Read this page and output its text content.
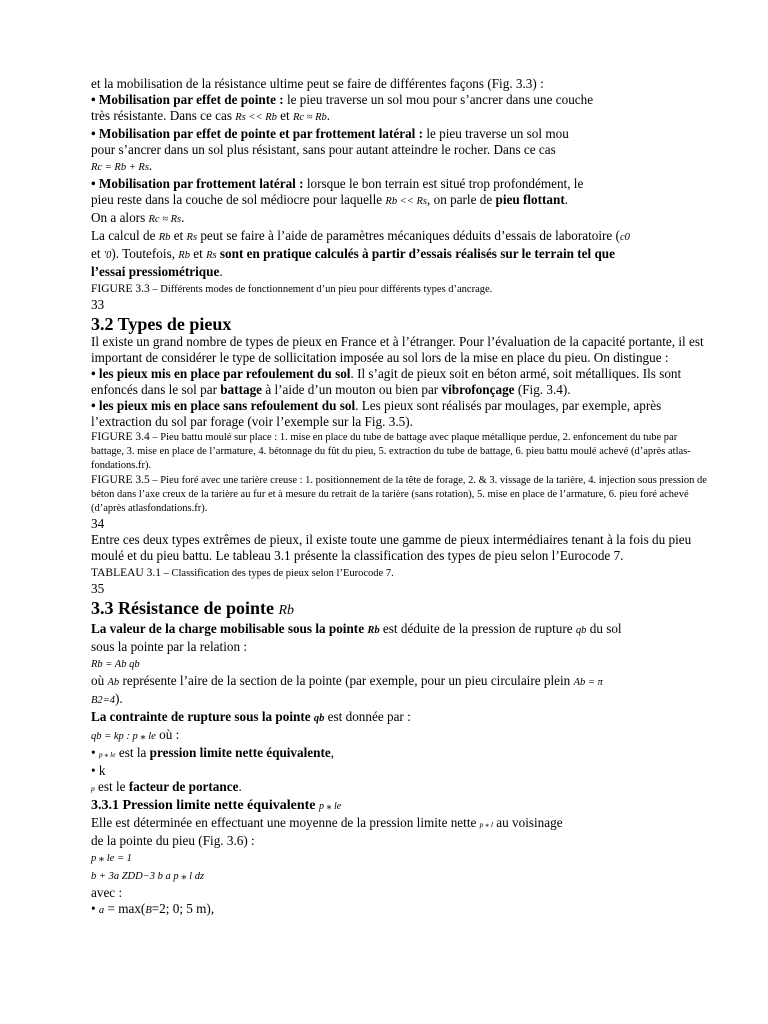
et la mobilisation de la résistance ultime peut se faire de différentes façons (Fig. 3.3) :

• Mobilisation par effet de pointe : le pieu traverse un sol mou pour s’ancrer dans une couche
très résistante. Dans ce cas Rs << Rb et Rc ≈ Rb.

• Mobilisation par effet de pointe et par frottement latéral : le pieu traverse un sol mou
pour s’ancrer dans un sol plus résistant, sans pour autant atteindre le rocher. Dans ce cas
Rc = Rb + Rs.

• Mobilisation par frottement latéral : lorsque le bon terrain est situé trop profondément, le
pieu reste dans la couche de sol médiocre pour laquelle Rb << Rs, on parle de pieu flottant.
On a alors Rc ≈ Rs.

La calcul de Rb et Rs peut se faire à l’aide de paramètres mécaniques déduits d’essais de laboratoire (c0
et '0). Toutefois, Rb et Rs sont en pratique calculés à partir d’essais réalisés sur le terrain tel que
l’essai pressiométrique.

FIGURE 3.3 – Différents modes de fonctionnement d’un pieu pour différents types d’ancrage.

33

3.2 Types de pieux

Il existe un grand nombre de types de pieux en France et à l’étranger. Pour l’évaluation de la capacité portante, il est important de considérer le type de sollicitation imposée au sol lors de la mise en place du pieu. On distingue :

• les pieux mis en place par refoulement du sol. Il s’agit de pieux soit en béton armé, soit métalliques. Ils sont enfoncés dans le sol par battage à l’aide d’un mouton ou bien par vibrofonçage (Fig. 3.4).

• les pieux mis en place sans refoulement du sol. Les pieux sont réalisés par moulages, par exemple, après l’extraction du sol par forage (voir l’exemple sur la Fig. 3.5).

FIGURE 3.4 – Pieu battu moulé sur place : 1. mise en place du tube de battage avec plaque métallique perdue, 2. enfoncement du tube par battage, 3. mise en place de l’armature, 4. bétonnage du fût du pieu, 5. extraction du tube de battage, 6. pieu battu moulé achevé (d’après atlas-fondations.fr).

FIGURE 3.5 – Pieu foré avec une tarière creuse : 1. positionnement de la tête de forage, 2. & 3. vissage de la tarière, 4. injection sous pression de béton dans l’axe creux de la tarière au fur et à mesure du retrait de la tarière (sans rotation), 5. mise en place de l’armature, 6. pieu foré achevé (d’après atlasfondations.fr).

34

Entre ces deux types extrêmes de pieux, il existe toute une gamme de pieux intermédiaires tenant à la fois du pieu moulé et du pieu battu. Le tableau 3.1 présente la classification des types de pieu selon l’Eurocode 7.

TABLEAU 3.1 – Classification des types de pieux selon l’Eurocode 7.

35

3.3 Résistance de pointe Rb

La valeur de la charge mobilisable sous la pointe Rb est déduite de la pression de rupture qb du sol
sous la pointe par la relation :

Rb = Ab qb

où Ab représente l’aire de la section de la pointe (par exemple, pour un pieu circulaire plein Ab = π
B2=4).

La contrainte de rupture sous la pointe qb est donnée par :

qb = kp : p ⁎ le où :

• p ⁎ le est la pression limite nette équivalente,

• k

p est le facteur de portance.

3.3.1 Pression limite nette équivalente p ⁎ le

Elle est déterminée en effectuant une moyenne de la pression limite nette p ⁎ l au voisinage
de la pointe du pieu (Fig. 3.6) :

p ⁎ le = 1

b + 3a ZDD−3 b a p ⁎ l dz

avec :

• a = max(B=2; 0; 5 m),
